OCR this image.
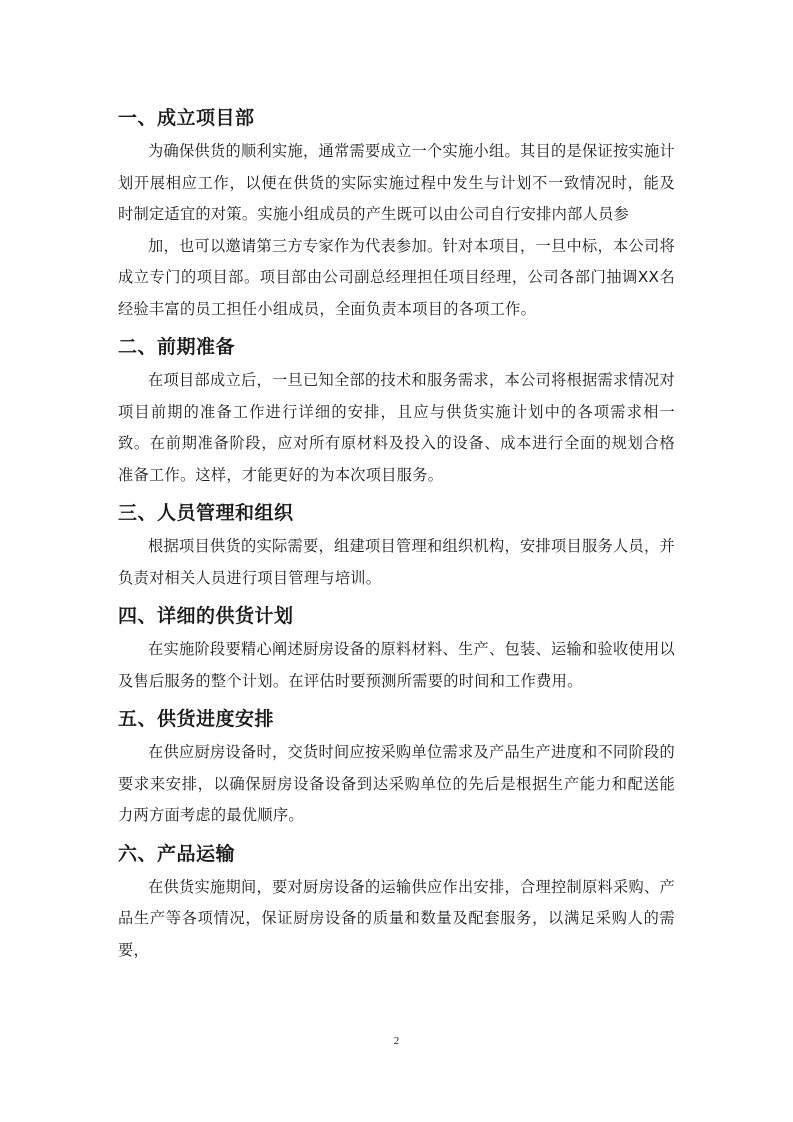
一、成立项目部

为确保供货的顺利实施，通常需要成立一个实施小组。其目的是保证按实施计划开展相应工作，以便在供货的实际实施过程中发生与计划不一致情况时，能及时制定适宜的对策。实施小组成员的产生既可以由公司自行安排内部人员参

加，也可以邀请第三方专家作为代表参加。针对本项目，一旦中标，本公司将成立专门的项目部。项目部由公司副总经理担任项目经理，公司各部门抽调XX名经验丰富的员工担任小组成员，全面负责本项目的各项工作。

二、前期准备

在项目部成立后，一旦已知全部的技术和服务需求，本公司将根据需求情况对项目前期的准备工作进行详细的安排，且应与供货实施计划中的各项需求相一致。在前期准备阶段，应对所有原材料及投入的设备、成本进行全面的规划合格准备工作。这样，才能更好的为本次项目服务。

三、人员管理和组织

根据项目供货的实际需要，组建项目管理和组织机构，安排项目服务人员，并负责对相关人员进行项目管理与培训。

四、详细的供货计划

在实施阶段要精心阐述厨房设备的原料材料、生产、包装、运输和验收使用以及售后服务的整个计划。在评估时要预测所需要的时间和工作费用。

五、供货进度安排

在供应厨房设备时，交货时间应按采购单位需求及产品生产进度和不同阶段的要求来安排，以确保厨房设备设备到达采购单位的先后是根据生产能力和配送能力两方面考虑的最优顺序。

六、产品运输

在供货实施期间，要对厨房设备的运输供应作出安排，合理控制原料采购、产品生产等各项情况，保证厨房设备的质量和数量及配套服务，以满足采购人的需要，

2
